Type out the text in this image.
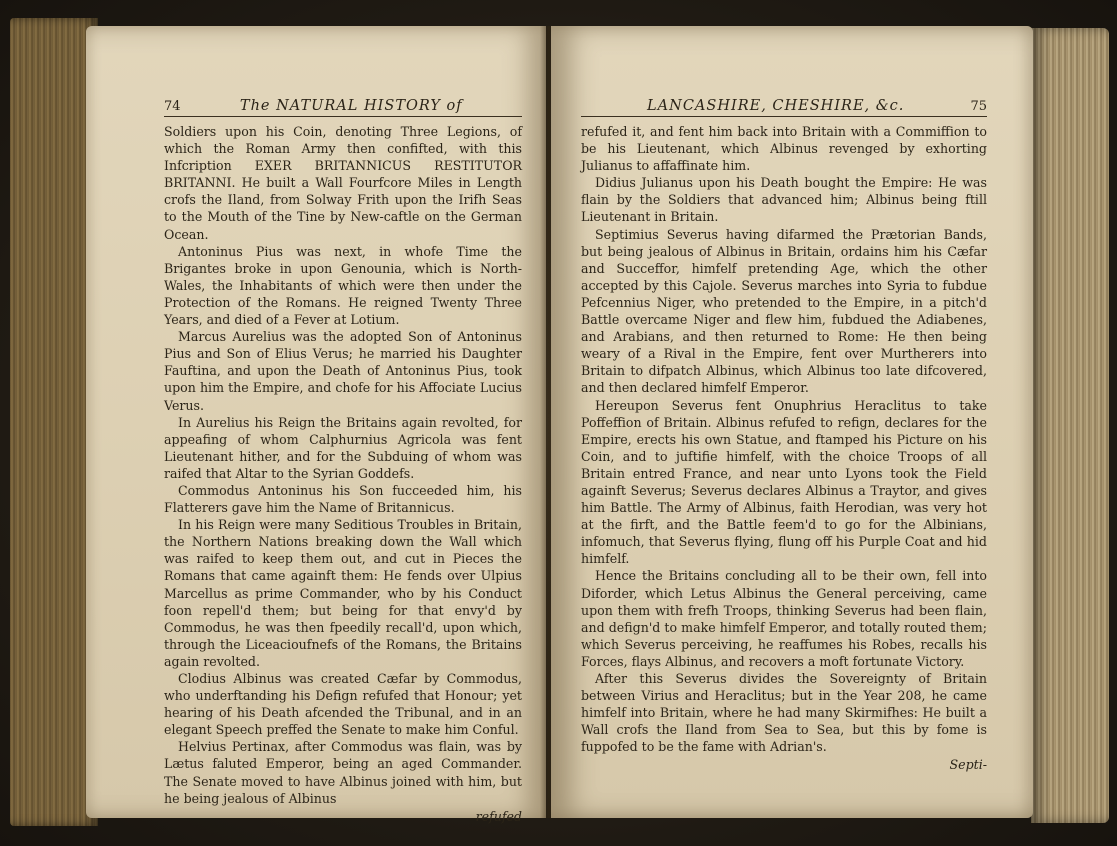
74	The NATURAL HISTORY of

Soldiers upon his Coin, denoting Three Legions, of which the Roman Army then confifted, with this Infcription EXER BRITANNICUS RESTITUTOR BRITANNI. He built a Wall Fourfcore Miles in Length crofs the Iland, from Solway Frith upon the Irifh Seas to the Mouth of the Tine by New-caftle on the German Ocean.

Antoninus Pius was next, in whofe Time the Brigantes broke in upon Genounia, which is North-Wales, the Inhabitants of which were then under the Protection of the Romans. He reigned Twenty Three Years, and died of a Fever at Lotium.

Marcus Aurelius was the adopted Son of Antoninus Pius and Son of Elius Verus; he married his Daughter Fauftina, and upon the Death of Antoninus Pius, took upon him the Empire, and chofe for his Affociate Lucius Verus.

In Aurelius his Reign the Britains again revolted, for appeafing of whom Calphurnius Agricola was fent Lieutenant hither, and for the Subduing of whom was raifed that Altar to the Syrian Goddefs.

Commodus Antoninus his Son fucceeded him, his Flatterers gave him the Name of Britannicus.

In his Reign were many Seditious Troubles in Britain, the Northern Nations breaking down the Wall which was raifed to keep them out, and cut in Pieces the Romans that came againft them: He fends over Ulpius Marcellus as prime Commander, who by his Conduct foon repell'd them; but being for that envy'd by Commodus, he was then fpeedily recall'd, upon which, through the Liceacioufnefs of the Romans, the Britains again revolted.

Clodius Albinus was created Cæfar by Commodus, who underftanding his Defign refufed that Honour; yet hearing of his Death afcended the Tribunal, and in an elegant Speech preffed the Senate to make him Conful.

Helvius Pertinax, after Commodus was flain, was by Lætus faluted Emperor, being an aged Commander. The Senate moved to have Albinus joined with him, but he being jealous of Albinus

refufed
LANCASHIRE, CHESHIRE, &c.	75

refufed it, and fent him back into Britain with a Commiffion to be his Lieutenant, which Albinus revenged by exhorting Julianus to affaffinate him.

Didius Julianus upon his Death bought the Empire: He was flain by the Soldiers that advanced him; Albinus being ftill Lieutenant in Britain.

Septimius Severus having difarmed the Prætorian Bands, but being jealous of Albinus in Britain, ordains him his Cæfar and Succeffor, himfelf pretending Age, which the other accepted by this Cajole. Severus marches into Syria to fubdue Pefcennius Niger, who pretended to the Empire, in a pitch'd Battle overcame Niger and flew him, fubdued the Adiabenes, and Arabians, and then returned to Rome: He then being weary of a Rival in the Empire, fent over Murtherers into Britain to difpatch Albinus, which Albinus too late difcovered, and then declared himfelf Emperor.

Hereupon Severus fent Onuphrius Heraclitus to take Poffeffion of Britain. Albinus refufed to refign, declares for the Empire, erects his own Statue, and ftamped his Picture on his Coin, and to juftifie himfelf, with the choice Troops of all Britain entred France, and near unto Lyons took the Field againft Severus; Severus declares Albinus a Traytor, and gives him Battle. The Army of Albinus, faith Herodian, was very hot at the firft, and the Battle feem'd to go for the Albinians, infomuch, that Severus flying, flung off his Purple Coat and hid himfelf.

Hence the Britains concluding all to be their own, fell into Diforder, which Letus Albinus the General perceiving, came upon them with frefh Troops, thinking Severus had been flain, and defign'd to make himfelf Emperor, and totally routed them; which Severus perceiving, he reaffumes his Robes, recalls his Forces, flays Albinus, and recovers a moft fortunate Victory.

After this Severus divides the Sovereignty of Britain between Virius and Heraclitus; but in the Year 208, he came himfelf into Britain, where he had many Skirmifhes: He built a Wall crofs the Iland from Sea to Sea, but this by fome is fuppofed to be the fame with Adrian's.

Septi-
